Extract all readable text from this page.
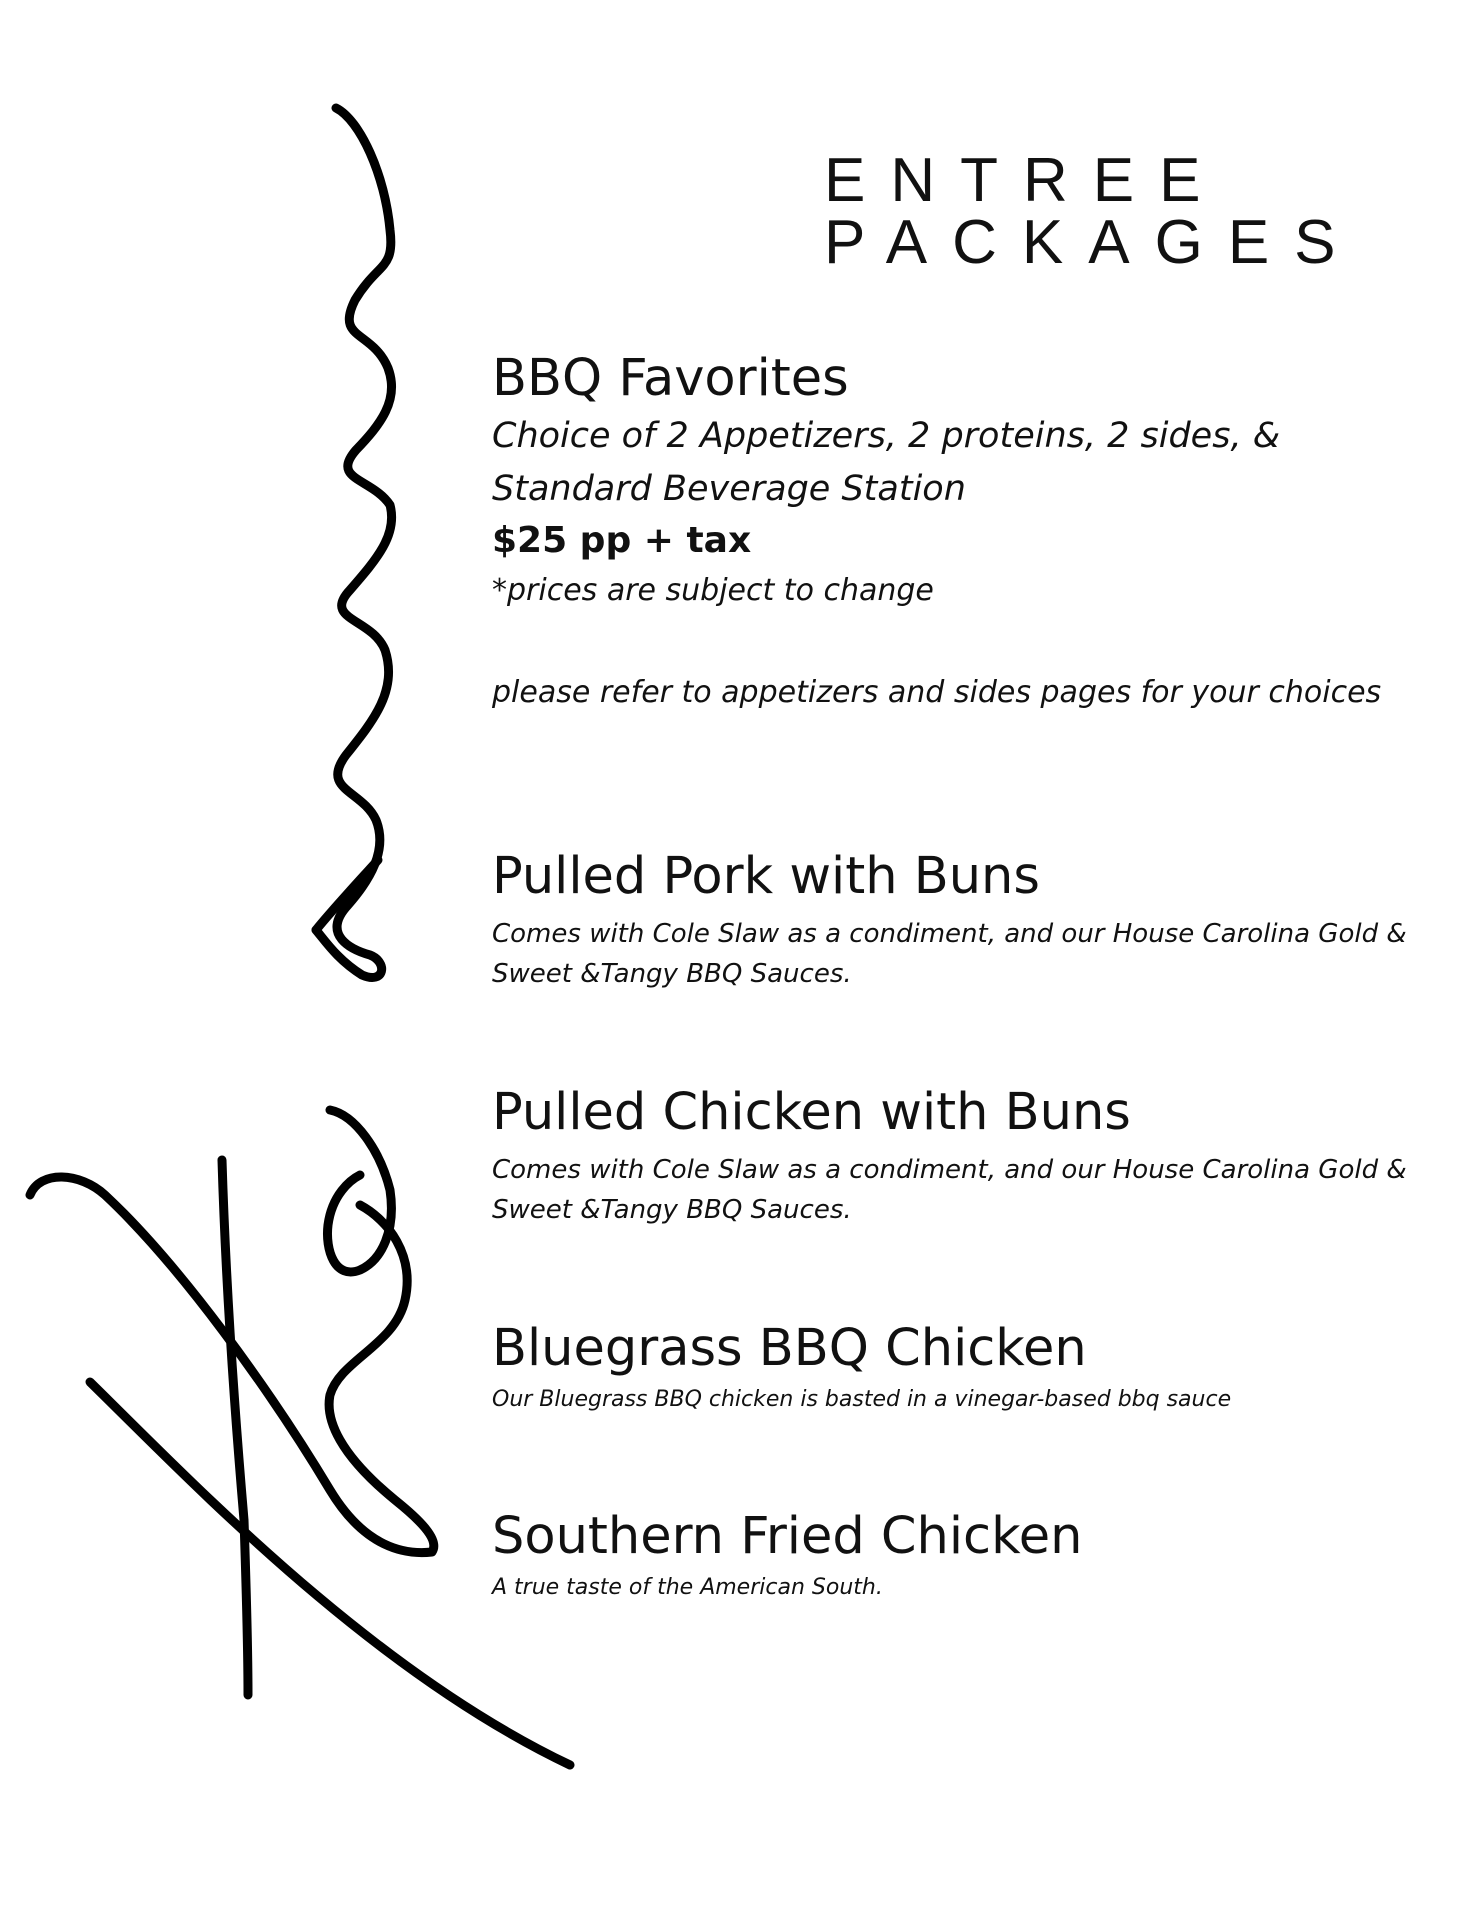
ENTREE
PACKAGES
BBQ Favorites

Choice of 2 Appetizers, 2 proteins, 2 sides, & Standard Beverage Station

$25 pp + tax

*prices are subject to change

please refer to appetizers and sides pages for your choices

Pulled Pork with Buns

Comes with Cole Slaw as a condiment, and our House Carolina Gold & Sweet &Tangy BBQ Sauces.

Pulled Chicken with Buns

Comes with Cole Slaw as a condiment, and our House Carolina Gold & Sweet &Tangy BBQ Sauces.

Bluegrass BBQ Chicken

Our Bluegrass BBQ chicken is basted in a vinegar-based bbq sauce

Southern Fried Chicken

A true taste of the American South.
